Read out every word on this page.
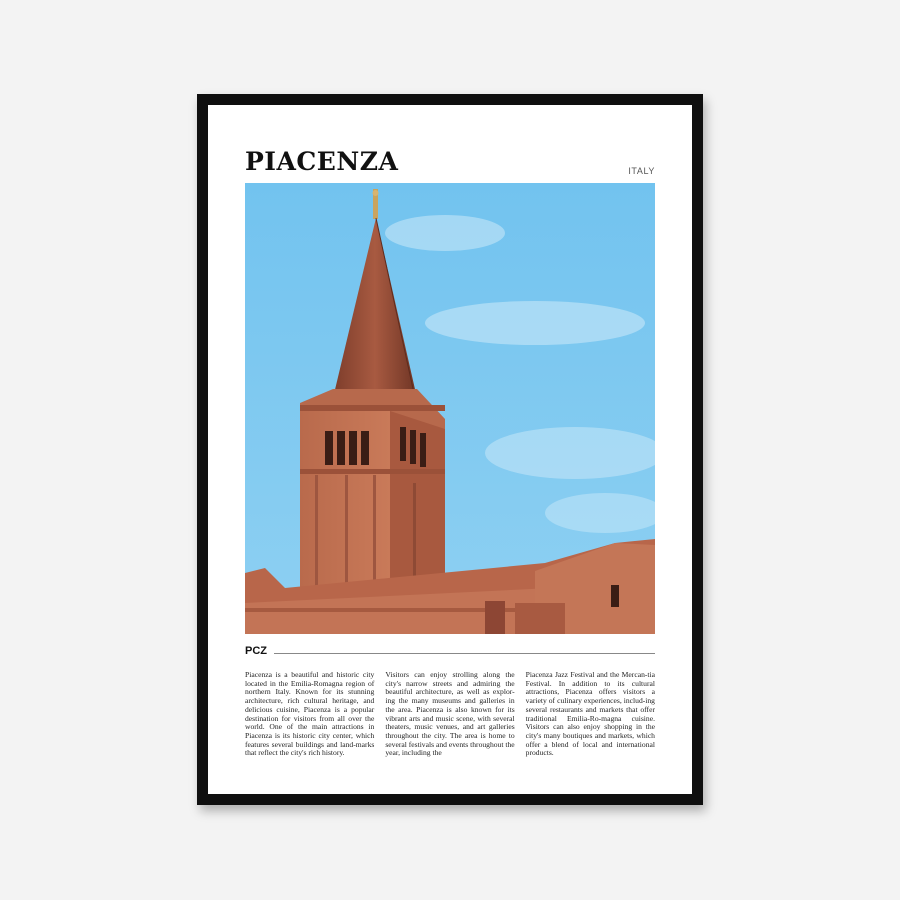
PIACENZA	ITALY
PCZ

Piacenza is a beautiful and historic city located in the Emilia-Romagna region of northern Italy. Known for its stunning architecture, rich cultural heritage, and delicious cuisine, Piacenza is a popular destination for visitors from all over the world. One of the main attractions in Piacenza is its historic city center, which features several buildings and land-marks that reflect the city's rich history.

Visitors can enjoy strolling along the city's narrow streets and admiring the beautiful architecture, as well as explor-ing the many museums and galleries in the area. Piacenza is also known for its vibrant arts and music scene, with several theaters, music venues, and art galleries throughout the city. The area is home to several festivals and events throughout the year, including the

Piacenza Jazz Festival and the Mercan-tia Festival. In addition to its cultural attractions, Piacenza offers visitors a variety of culinary experiences, includ-ing several restaurants and markets that offer traditional Emilia-Ro-magna cuisine. Visitors can also enjoy shopping in the city's many boutiques and markets, which offer a blend of local and international products.
